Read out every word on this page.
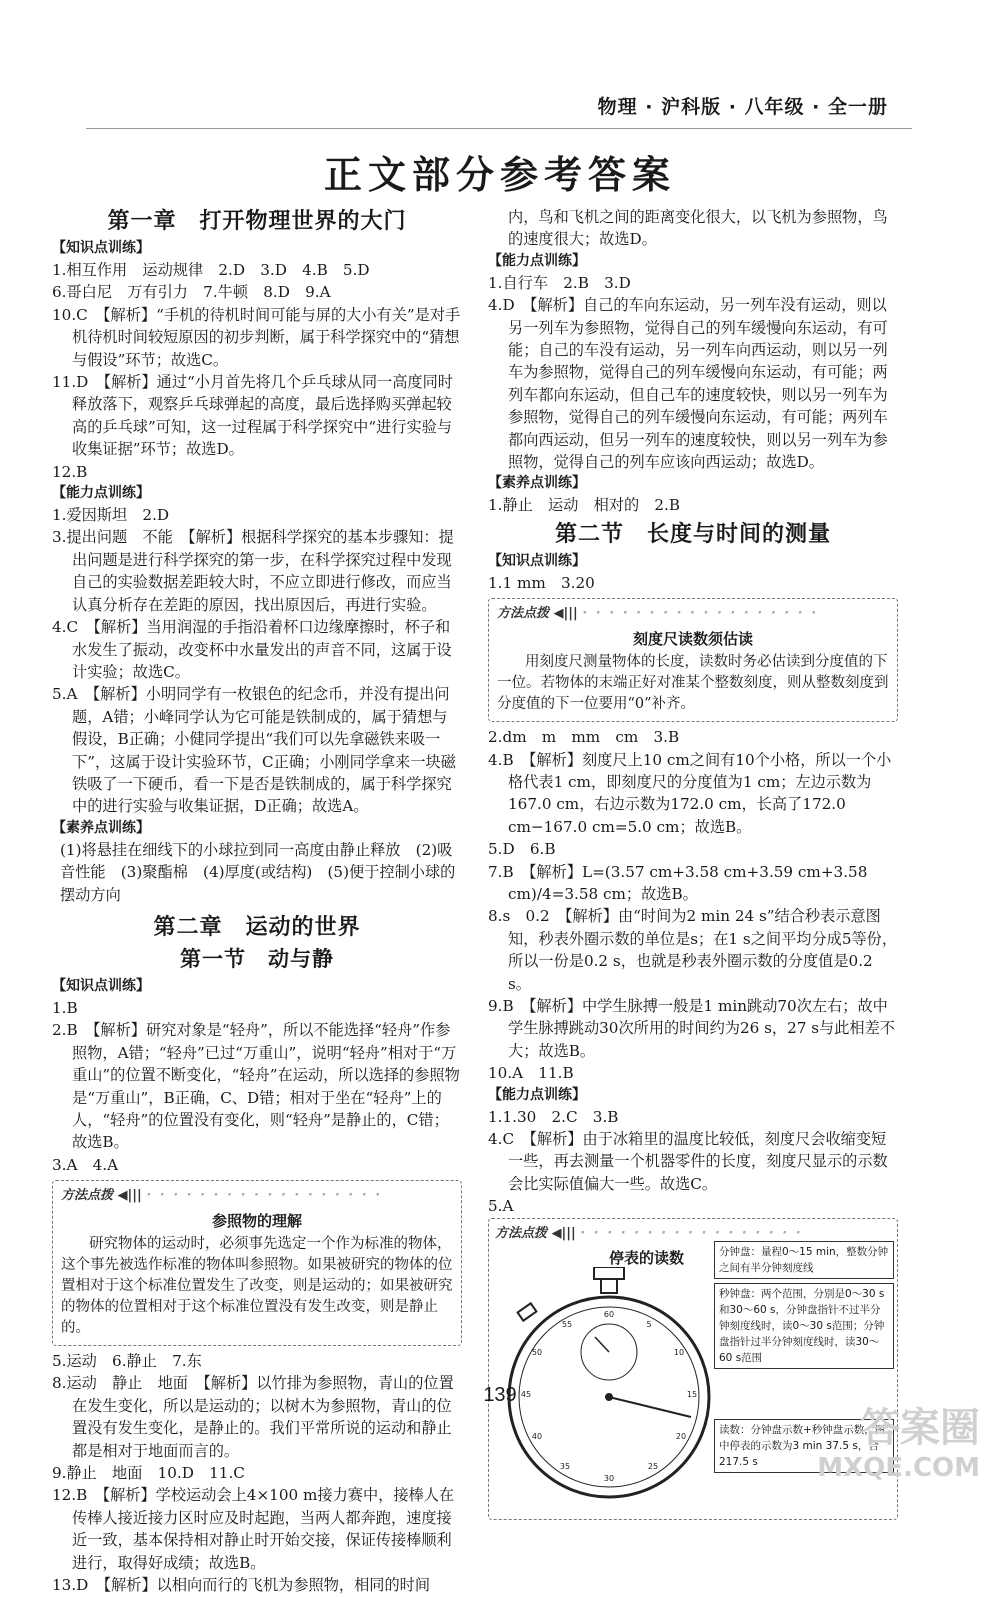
物理 · 沪科版 · 八年级 · 全一册
正文部分参考答案
第一章　打开物理世界的大门
【知识点训练】
1.相互作用　运动规律　2.D　3.D　4.B　5.D
6.哥白尼　万有引力　7.牛顿　8.D　9.A
10.C　【解析】“手机的待机时间可能与屏的大小有关”是对手机待机时间较短原因的初步判断，属于科学探究中的“猜想与假设”环节；故选C。
11.D　【解析】通过“小月首先将几个乒乓球从同一高度同时释放落下，观察乒乓球弹起的高度，最后选择购买弹起较高的乒乓球”可知，这一过程属于科学探究中“进行实验与收集证据”环节；故选D。
12.B
【能力点训练】
1.爱因斯坦　2.D
3.提出问题　不能　【解析】根据科学探究的基本步骤知：提出问题是进行科学探究的第一步，在科学探究过程中发现自己的实验数据差距较大时，不应立即进行修改，而应当认真分析存在差距的原因，找出原因后，再进行实验。
4.C　【解析】当用润湿的手指沿着杯口边缘摩擦时，杯子和水发生了振动，改变杯中水量发出的声音不同，这属于设计实验；故选C。
5.A　【解析】小明同学有一枚银色的纪念币，并没有提出问题，A错；小峰同学认为它可能是铁制成的，属于猜想与假设，B正确；小健同学提出“我们可以先拿磁铁来吸一下”，这属于设计实验环节，C正确；小刚同学拿来一块磁铁吸了一下硬币，看一下是否是铁制成的，属于科学探究中的进行实验与收集证据，D正确；故选A。
【素养点训练】
(1)将悬挂在细线下的小球拉到同一高度由静止释放　(2)吸音性能　(3)聚酯棉　(4)厚度(或结构)　(5)便于控制小球的摆动方向
第二章　运动的世界
第一节　动与静
【知识点训练】
1.B
2.B　【解析】研究对象是“轻舟”，所以不能选择“轻舟”作参照物，A错；“轻舟”已过“万重山”，说明“轻舟”相对于“万重山”的位置不断变化，“轻舟”在运动，所以选择的参照物是“万重山”，B正确，C、D错；相对于坐在“轻舟”上的人，“轻舟”的位置没有变化，则“轻舟”是静止的，C错；故选B。
3.A　4.A
方法点拨 ◀||| · · · · · · · · · · · · · · · · · ·
参照物的理解
研究物体的运动时，必须事先选定一个作为标准的物体，这个事先被选作标准的物体叫参照物。如果被研究的物体的位置相对于这个标准位置发生了改变，则是运动的；如果被研究的物体的位置相对于这个标准位置没有发生改变，则是静止的。
5.运动　6.静止　7.东
8.运动　静止　地面　【解析】以竹排为参照物，青山的位置在发生变化，所以是运动的；以树木为参照物，青山的位置没有发生变化，是静止的。我们平常所说的运动和静止都是相对于地面而言的。
9.静止　地面　10.D　11.C
12.B　【解析】学校运动会上4×100 m接力赛中，接棒人在传棒人接近接力区时应及时起跑，当两人都奔跑，速度接近一致，基本保持相对静止时开始交接，保证传接棒顺利进行，取得好成绩；故选B。
13.D　【解析】以相向而行的飞机为参照物，相同的时间
内，鸟和飞机之间的距离变化很大，以飞机为参照物，鸟的速度很大；故选D。
【能力点训练】
1.自行车　2.B　3.D
4.D　【解析】自己的车向东运动，另一列车没有运动，则以另一列车为参照物，觉得自己的列车缓慢向东运动，有可能；自己的车没有运动，另一列车向西运动，则以另一列车为参照物，觉得自己的列车缓慢向东运动，有可能；两列车都向东运动，但自己车的速度较快，则以另一列车为参照物，觉得自己的列车缓慢向东运动，有可能；两列车都向西运动，但另一列车的速度较快，则以另一列车为参照物，觉得自己的列车应该向西运动；故选D。
【素养点训练】
1.静止　运动　相对的　2.B
第二节　长度与时间的测量
【知识点训练】
1.1 mm　3.20
方法点拨 ◀||| · · · · · · · · · · · · · · · · · ·
刻度尺读数须估读
用刻度尺测量物体的长度，读数时务必估读到分度值的下一位。若物体的末端正好对准某个整数刻度，则从整数刻度到分度值的下一位要用“0”补齐。
2.dm　m　mm　cm　3.B
4.B　【解析】刻度尺上10 cm之间有10个小格，所以一个小格代表1 cm，即刻度尺的分度值为1 cm；左边示数为167.0 cm，右边示数为172.0 cm，长高了172.0 cm−167.0 cm=5.0 cm；故选B。
5.D　6.B
7.B　【解析】L=(3.57 cm+3.58 cm+3.59 cm+3.58 cm)/4=3.58 cm；故选B。
8.s　0.2　【解析】由“时间为2 min 24 s”结合秒表示意图知，秒表外圈示数的单位是s；在1 s之间平均分成5等份，所以一份是0.2 s，也就是秒表外圈示数的分度值是0.2 s。
9.B　【解析】中学生脉搏一般是1 min跳动70次左右；故中学生脉搏跳动30次所用的时间约为26 s，27 s与此相差不大；故选B。
10.A　11.B
【能力点训练】
1.1.30　2.C　3.B
4.C　【解析】由于冰箱里的温度比较低，刻度尺会收缩变短一些，再去测量一个机器零件的长度，刻度尺显示的示数会比实际值偏大一些。故选C。
5.A
方法点拨 ◀||| · · · · · · · · · · · · · · · · ·
停表的读数
60
5
10
15
20
25
30
35
40
45
50
55
分钟盘：量程0～15 min，整数分钟之间有半分钟刻度线
秒钟盘：两个范围，分别是0～30 s和30～60 s，分钟盘指针不过半分钟刻度线时，读0～30 s范围；分钟盘指针过半分钟刻度线时，读30～60 s范围
读数：分钟盘示数+秒钟盘示数，图中停表的示数为3 min 37.5 s，合217.5 s
139
答案圈
MXQE.COM
